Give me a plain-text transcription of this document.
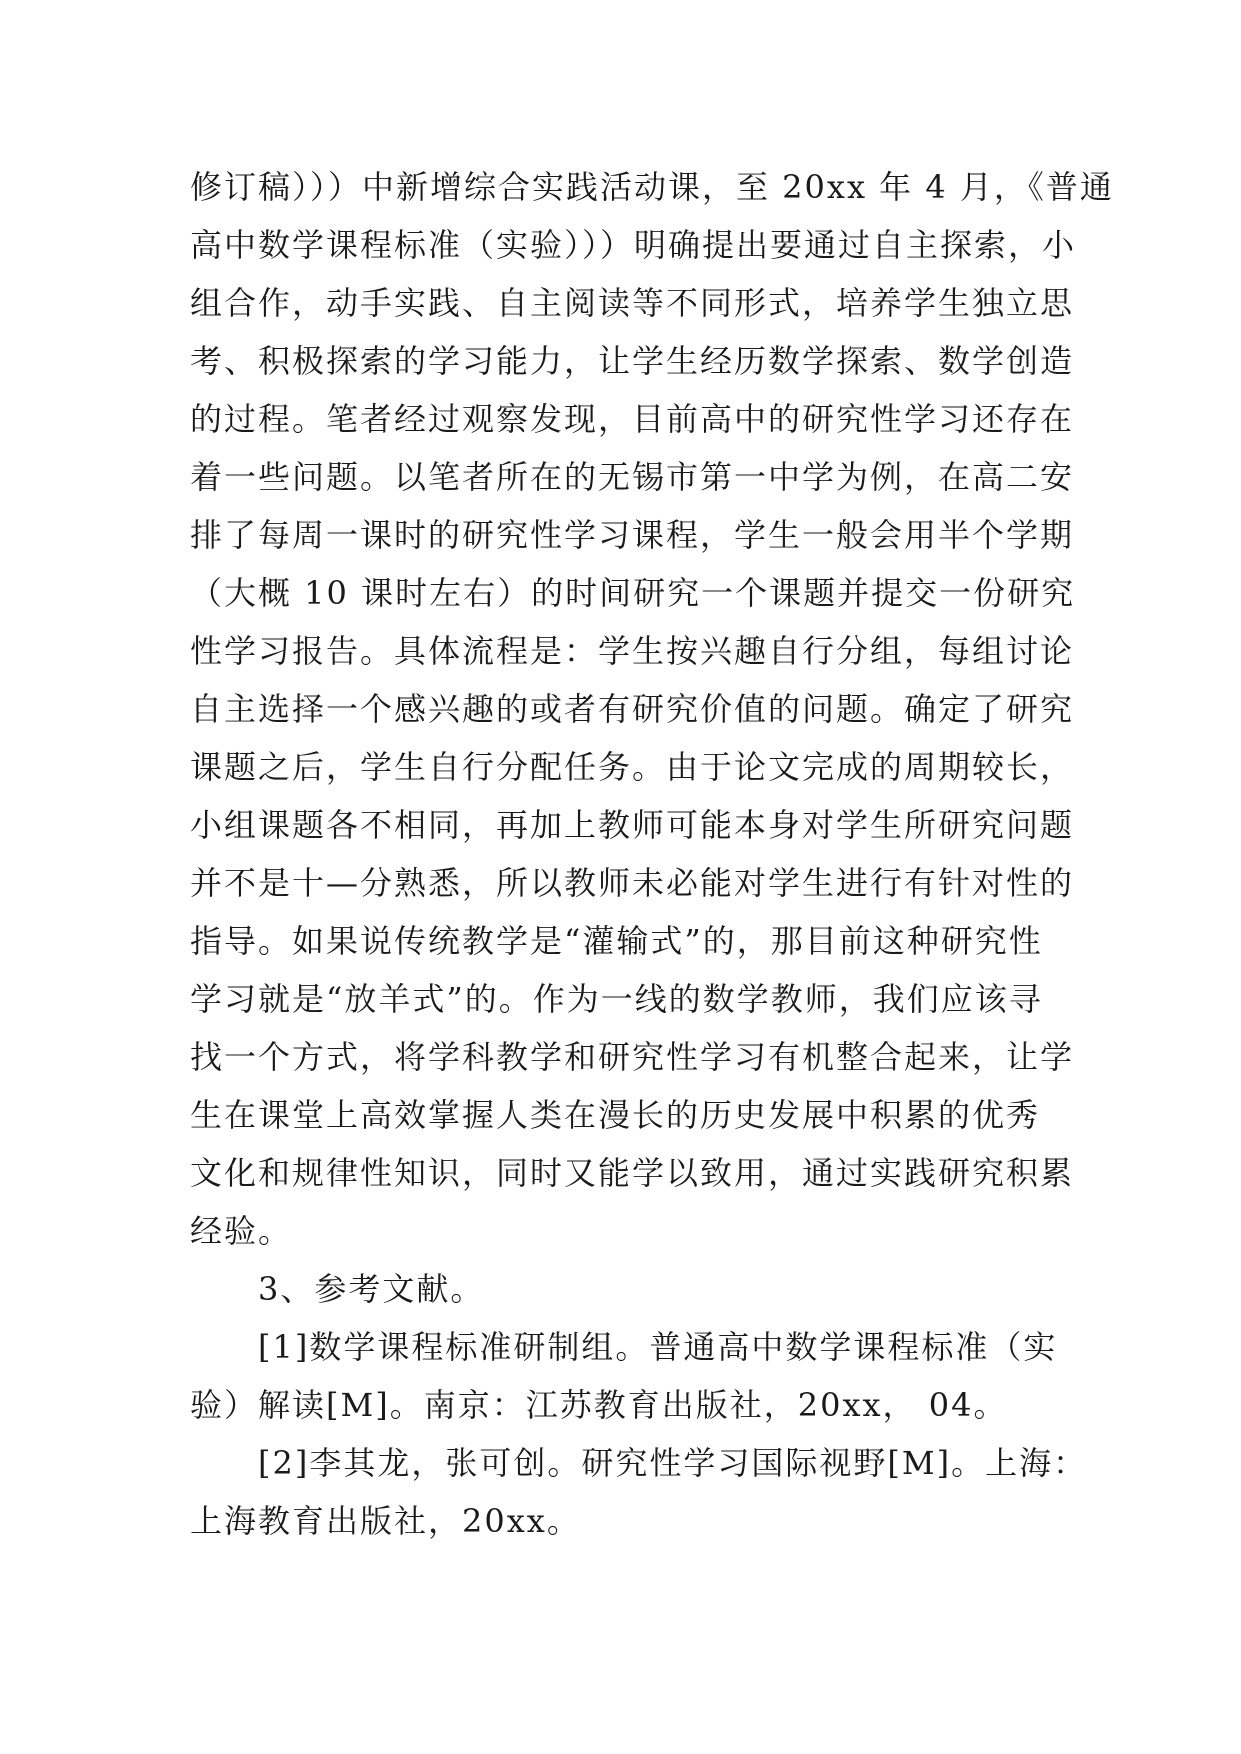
修订稿）））中新增综合实践活动课，至 20xx 年 4 月，《普通
高中数学课程标准（实验）））明确提出要通过自主探索，小
组合作，动手实践、自主阅读等不同形式，培养学生独立思
考、积极探索的学习能力，让学生经历数学探索、数学创造
的过程。笔者经过观察发现，目前高中的研究性学习还存在
着一些问题。以笔者所在的无锡市第一中学为例，在高二安
排了每周一课时的研究性学习课程，学生一般会用半个学期
（大概 10 课时左右）的时间研究一个课题并提交一份研究
性学习报告。具体流程是：学生按兴趣自行分组，每组讨论
自主选择一个感兴趣的或者有研究价值的问题。确定了研究
课题之后，学生自行分配任务。由于论文完成的周期较长，
小组课题各不相同，再加上教师可能本身对学生所研究问题
并不是十—分熟悉，所以教师未必能对学生进行有针对性的
指导。如果说传统教学是“灌输式”的，那目前这种研究性
学习就是“放羊式”的。作为一线的数学教师，我们应该寻
找一个方式，将学科教学和研究性学习有机整合起来，让学
生在课堂上高效掌握人类在漫长的历史发展中积累的优秀
文化和规律性知识，同时又能学以致用，通过实践研究积累
经验。
3、参考文献。
[1]数学课程标准研制组。普通高中数学课程标准（实
验）解读[M]。南京：江苏教育出版社，20xx， 04。
[2]李其龙，张可创。研究性学习国际视野[M]。上海：
上海教育出版社，20xx。
